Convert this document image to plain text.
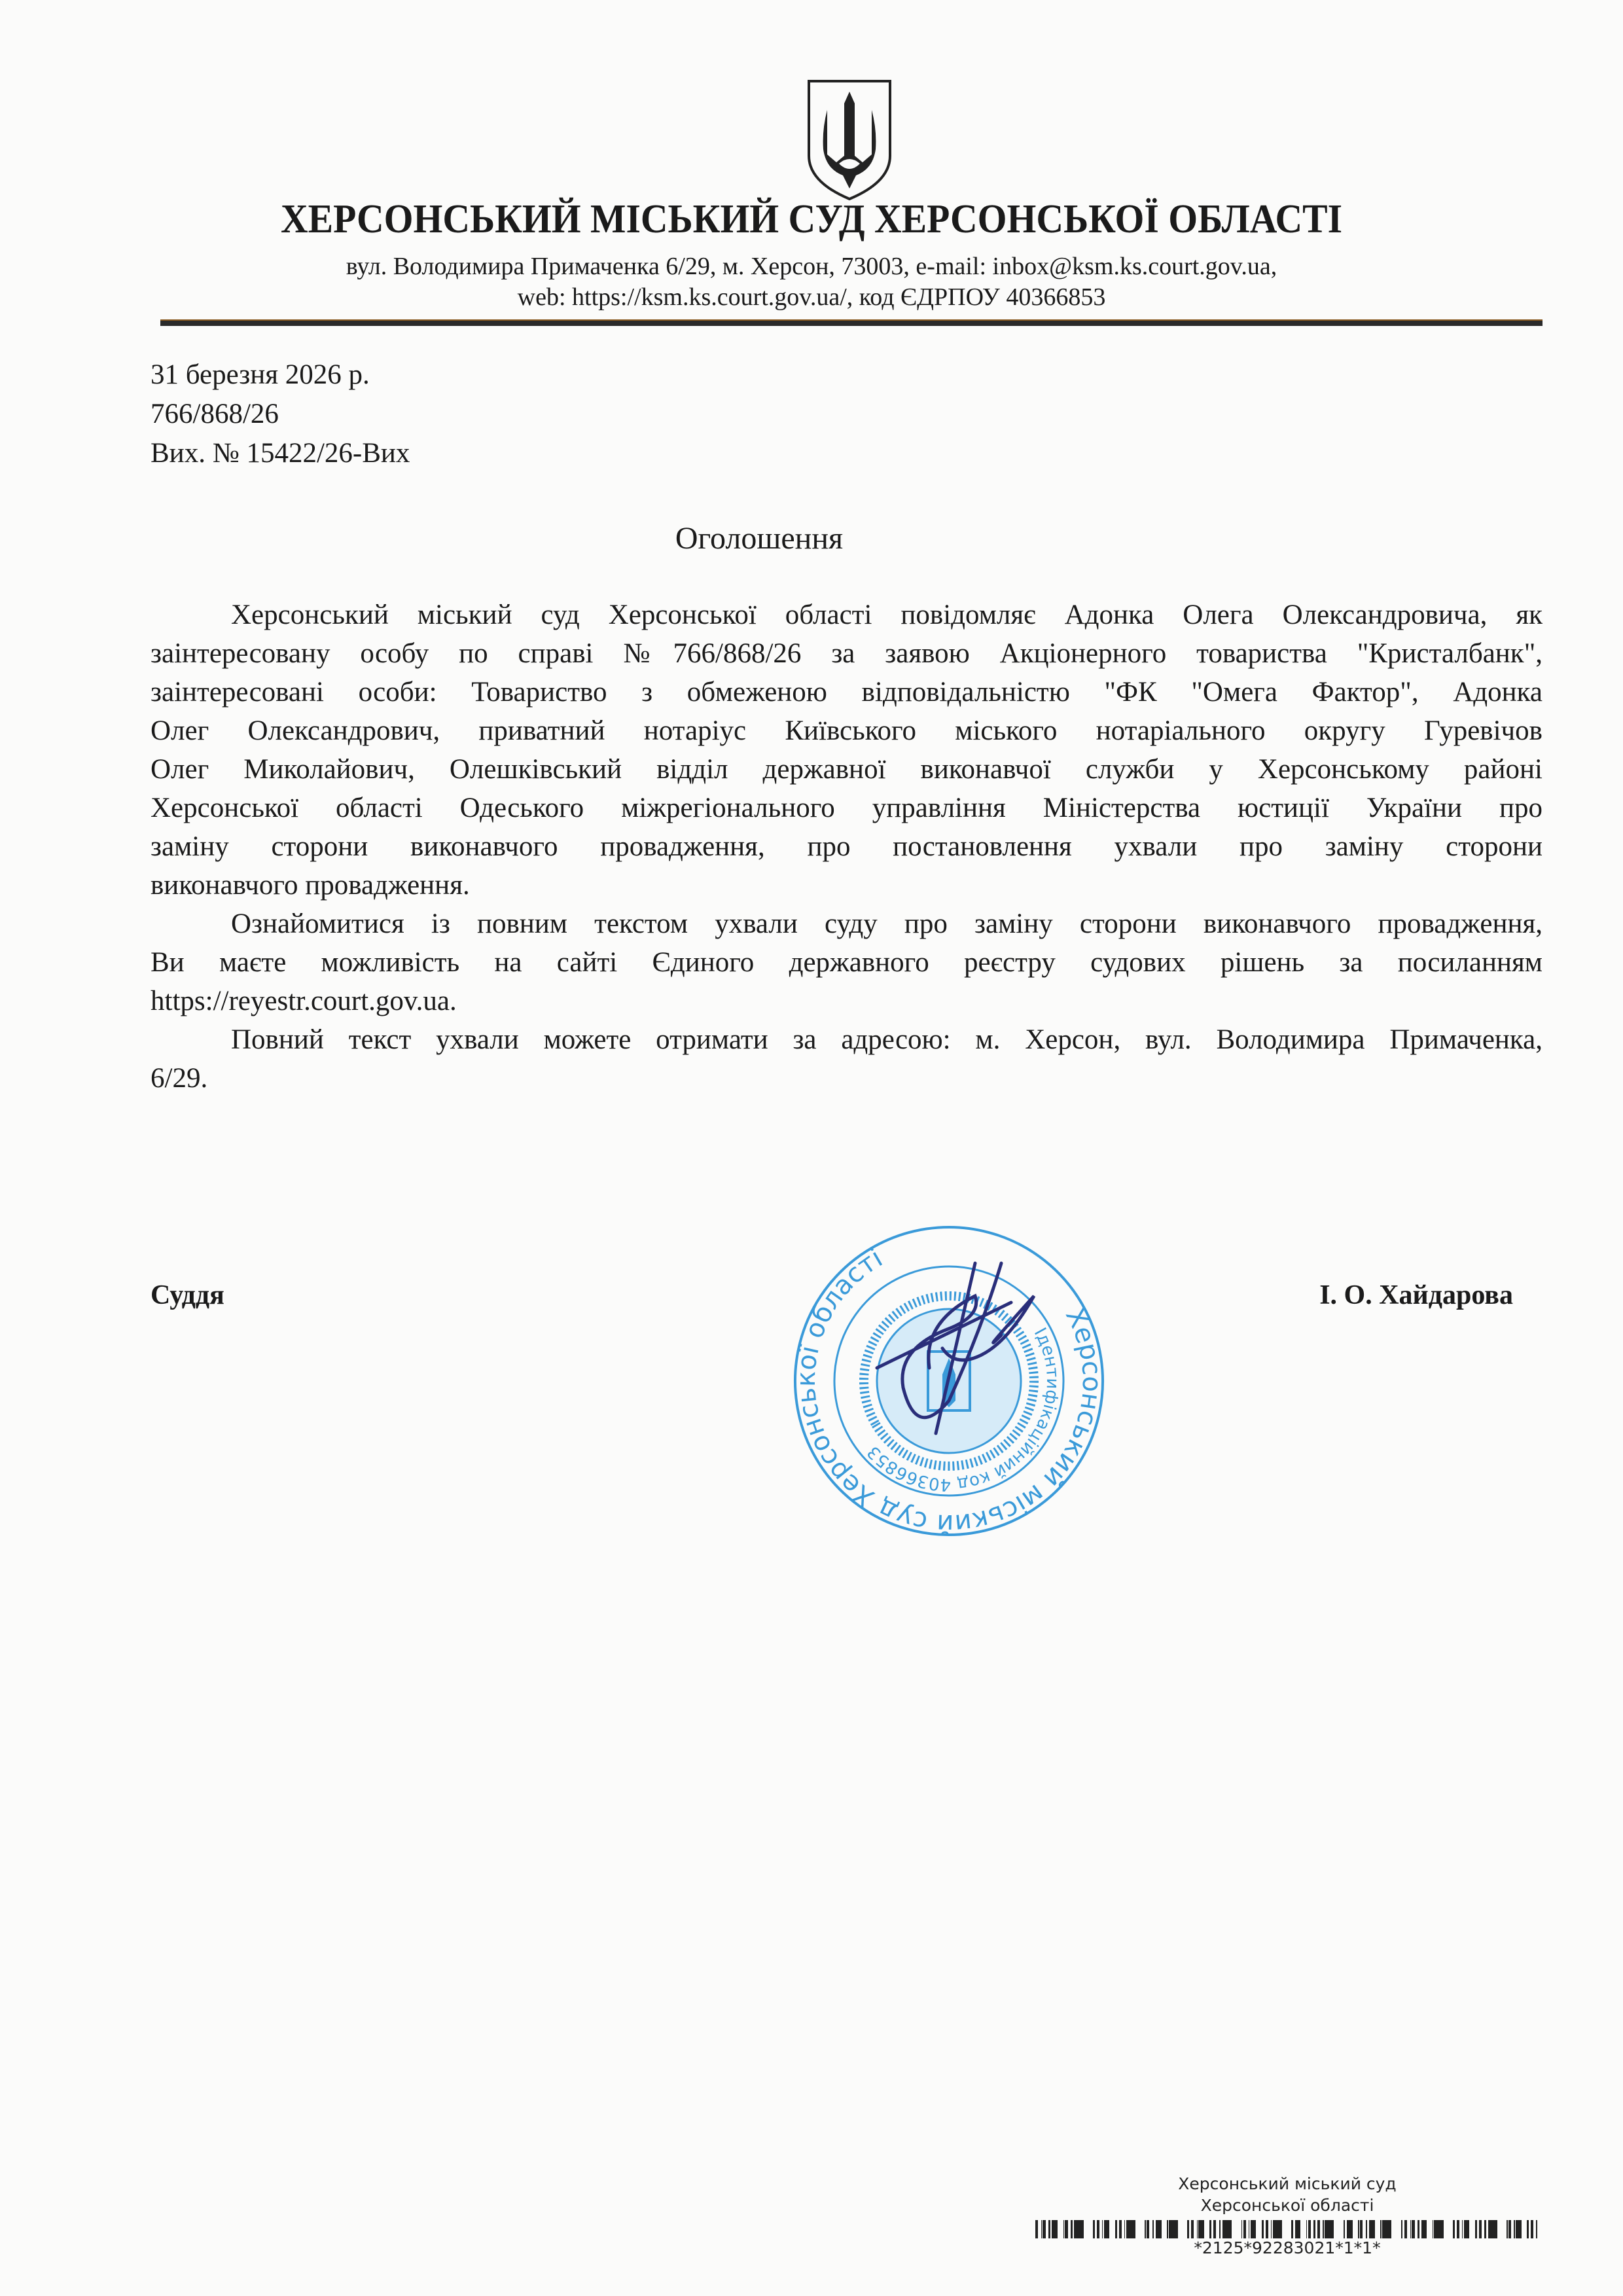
ХЕРСОНСЬКИЙ МІСЬКИЙ СУД ХЕРСОНСЬКОЇ ОБЛАСТІ
вул. Володимира Примаченка 6/29, м. Херсон, 73003, e-mail: inbox@ksm.ks.court.gov.ua,
web: https://ksm.ks.court.gov.ua/, код ЄДРПОУ 40366853
31 березня 2026 р.
766/868/26
Вих. № 15422/26-Вих
Оголошення
Херсонський міський суд Херсонської області повідомляє Адонка Олега Олександровича, як
заінтересовану особу по справі №766/868/26 за заявою Акціонерного товариства "Кристалбанк",
заінтересовані особи: Товариство з обмеженою відповідальністю "ФК "Омега Фактор", Адонка
Олег Олександрович, приватний нотаріус Київського міського нотаріального округу Гуревічов
Олег Миколайович, Олешківський відділ державної виконавчої служби у Херсонському районі
Херсонської області Одеського міжрегіонального управління Міністерства юстиції України про
заміну сторони виконавчого провадження, про постановлення ухвали про заміну сторони
виконавчого провадження.
Ознайомитися із повним текстом ухвали суду про заміну сторони виконавчого провадження,
Ви маєте можливість на сайті Єдиного державного реєстру судових рішень за посиланням
https://reyestr.court.gov.ua.
Повний текст ухвали можете отримати за адресою: м. Херсон, вул. Володимира Примаченка,
6/29.
Суддя	І. О. Хайдарова
Херсонський міський суд Херсонської області
Ідентифікаційний код 40366853
Херсонський міський суд
Херсонської області
*2125*92283021*1*1*
